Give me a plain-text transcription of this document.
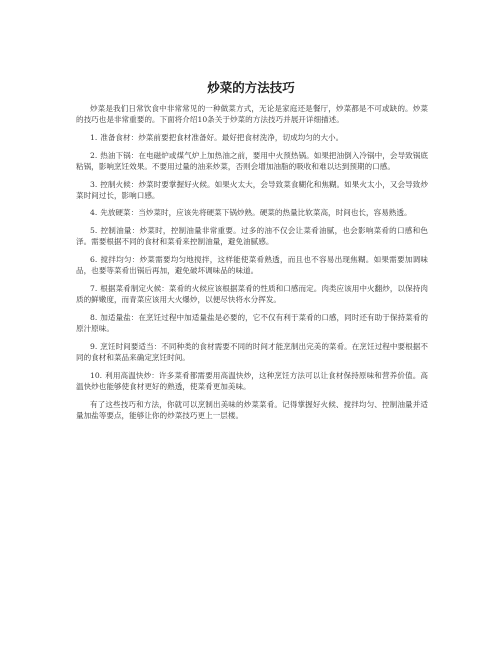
炒菜的方法技巧

炒菜是我们日常饮食中非常常见的一种做菜方式，无论是家庭还是餐厅，炒菜都是不可或缺的。炒菜的技巧也是非常重要的。下面将介绍10条关于炒菜的方法技巧并展开详细描述。

1. 准备食材：炒菜前要把食材准备好。最好把食材洗净，切成均匀的大小。

2. 热油下锅：在电磁炉或煤气炉上加热油之前，要用中火预热锅。如果把油倒入冷锅中，会导致锅底粘锅，影响烹饪效果。不要用过量的油来炒菜，否则会增加油脂的吸收和难以达到预期的口感。

3. 控制火候：炒菜时要掌握好火候。如果火太大，会导致菜食糊化和焦糊。如果火太小，又会导致炒菜时间过长，影响口感。

4. 先放硬菜：当炒菜时，应该先将硬菜下锅炒熟。硬菜的热量比软菜高，时间也长，容易熟透。

5. 控制油量：炒菜时，控制油量非常重要。过多的油不仅会让菜肴油腻，也会影响菜肴的口感和色泽。需要根据不同的食材和菜肴来控制油量，避免油腻感。

6. 搅拌均匀：炒菜需要均匀地搅拌，这样能使菜肴熟透，而且也不容易出现焦糊。如果需要加调味品，也要等菜肴出锅后再加，避免破坏调味品的味道。

7. 根据菜肴制定火候：菜肴的火候应该根据菜肴的性质和口感而定。肉类应该用中火翻炒，以保持肉质的鲜嫩度，而青菜应该用大火爆炒，以便尽快将水分挥发。

8. 加适量盐：在烹饪过程中加适量盐是必要的，它不仅有利于菜肴的口感，同时还有助于保持菜肴的原汁原味。

9. 烹饪时间要适当：不同种类的食材需要不同的时间才能烹制出完美的菜肴。在烹饪过程中要根据不同的食材和菜品来确定烹饪时间。

10. 利用高温快炒：许多菜肴都需要用高温快炒，这种烹饪方法可以让食材保持原味和营养价值。高温快炒也能够使食材更好的熟透，使菜肴更加美味。

有了这些技巧和方法，你就可以烹制出美味的炒菜菜肴。记得掌握好火候、搅拌均匀、控制油量并适量加盐等要点，能够让你的炒菜技巧更上一层楼。
